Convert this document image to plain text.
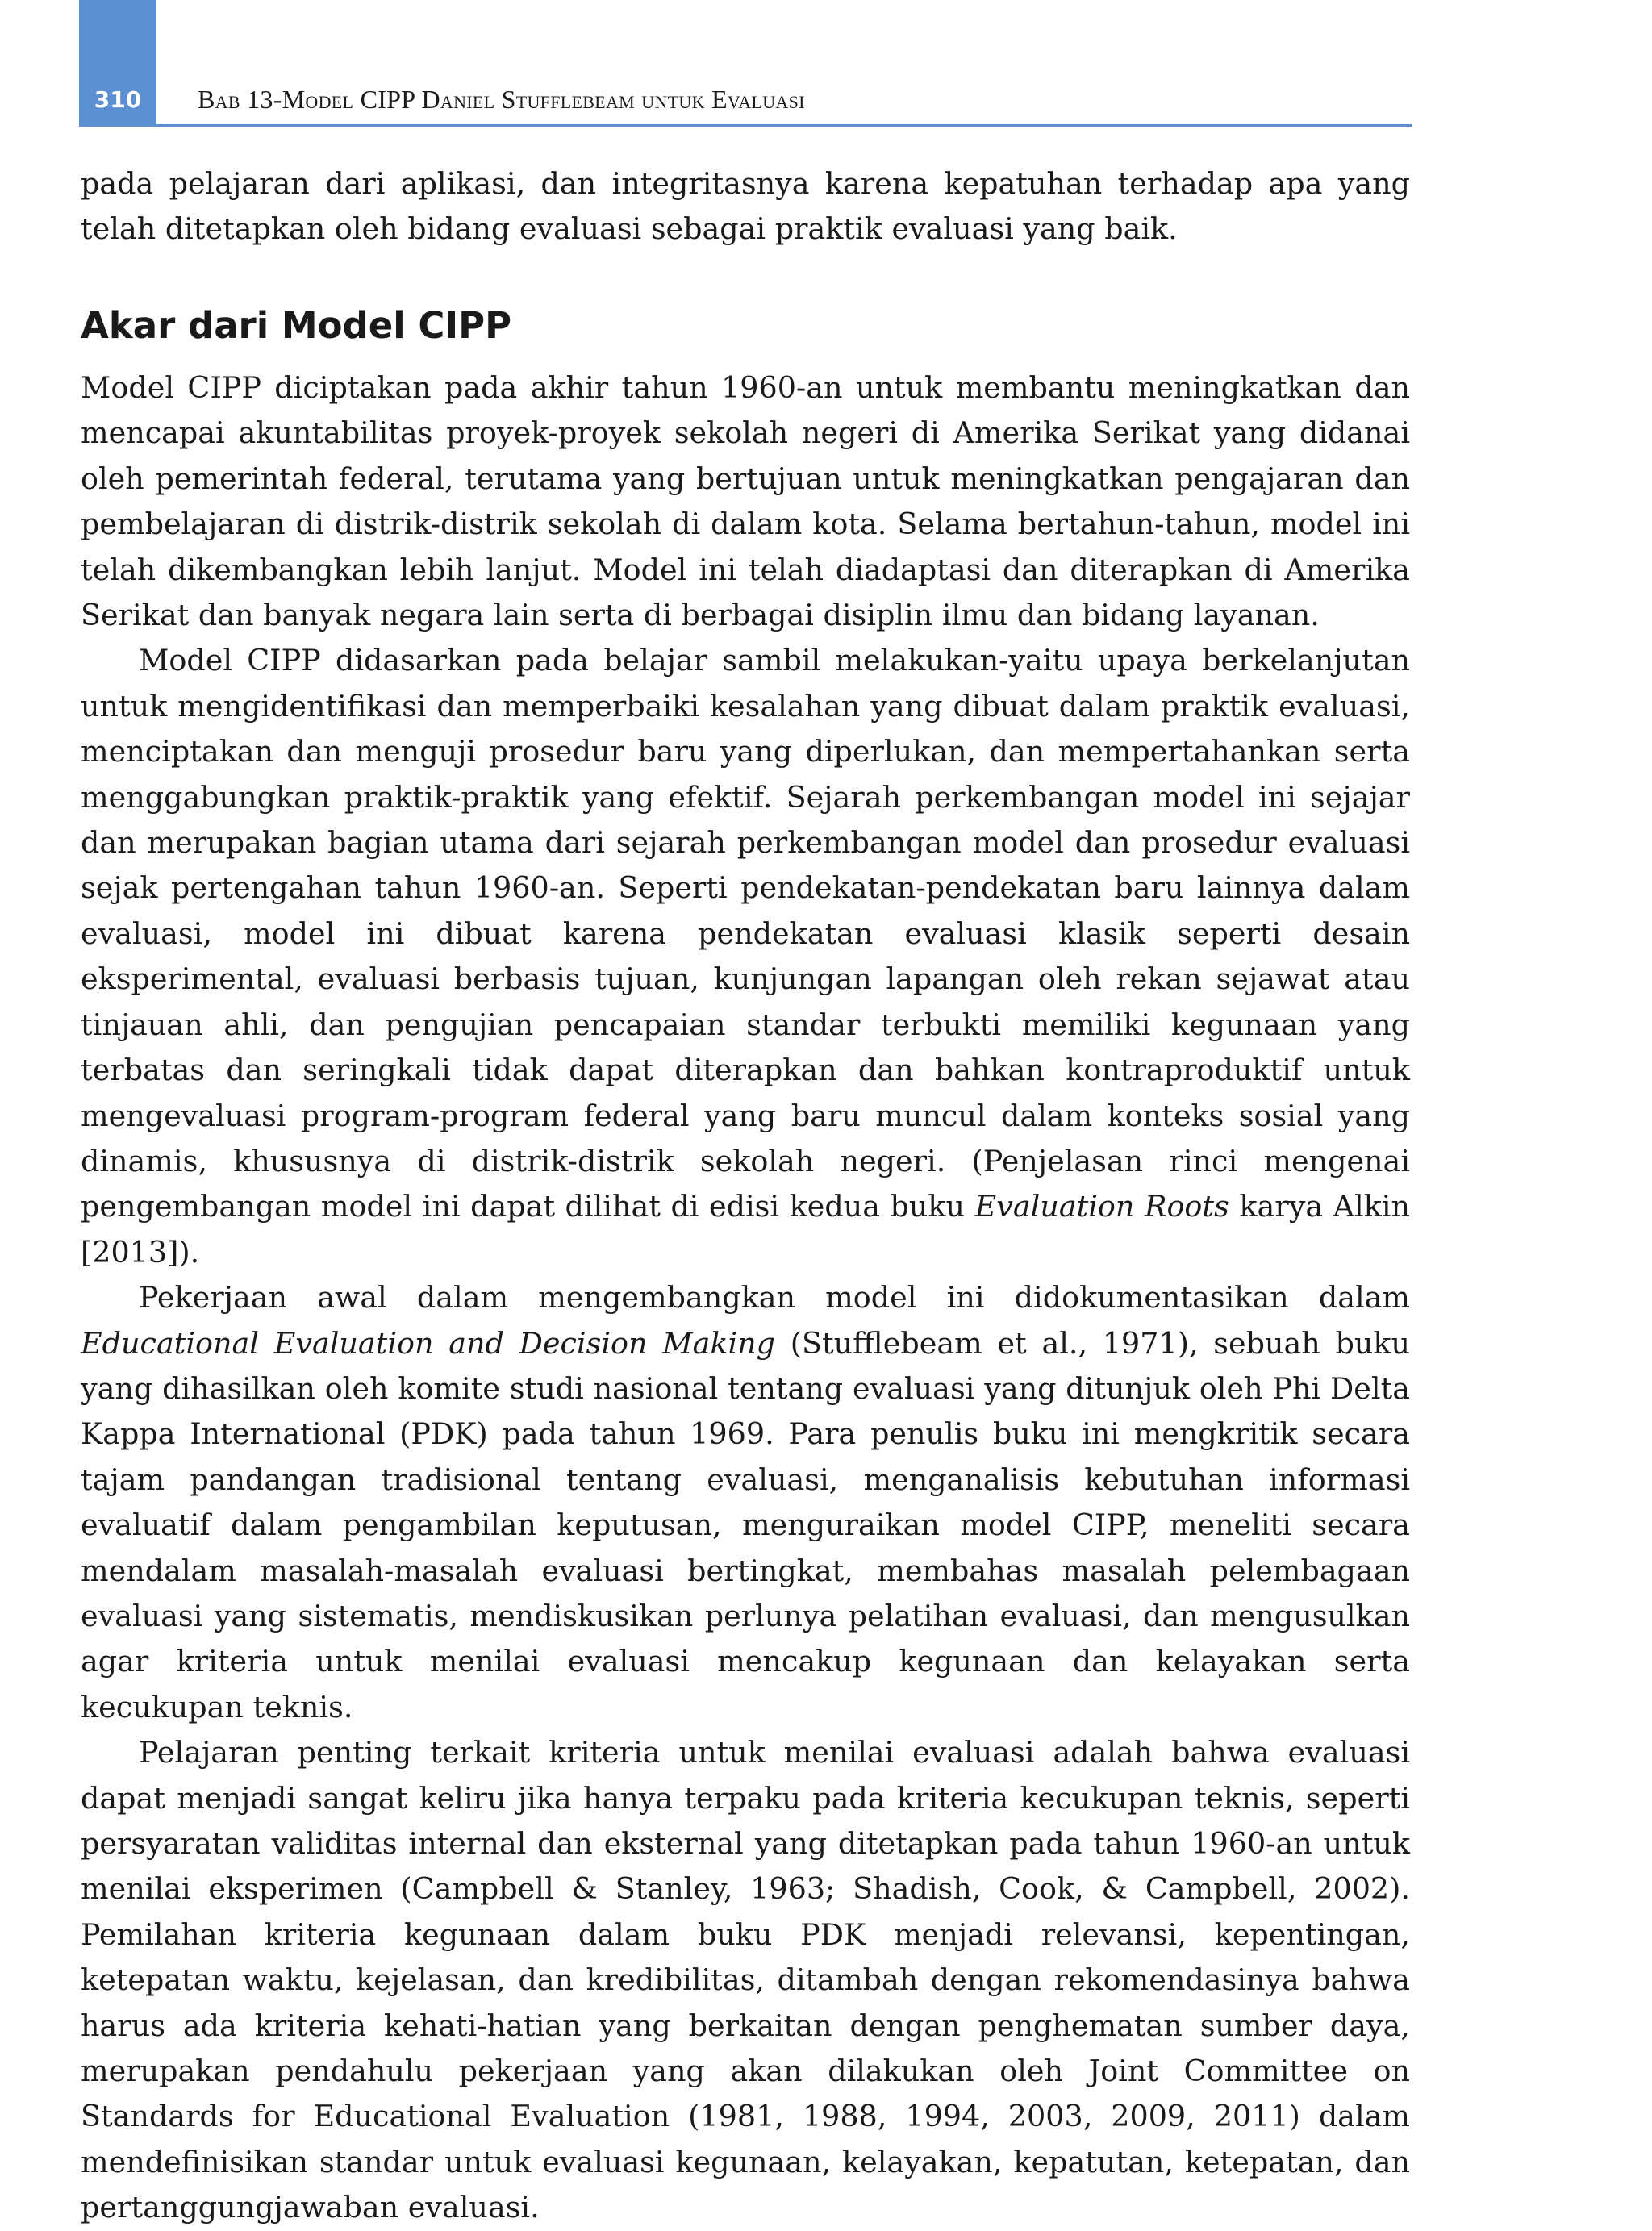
310	Bab 13-Model CIPP Daniel Stufflebeam untuk Evaluasi

pada pelajaran dari aplikasi, dan integritasnya karena kepatuhan terhadap apa yang telah ditetapkan oleh bidang evaluasi sebagai praktik evaluasi yang baik.

Akar dari Model CIPP

Model CIPP diciptakan pada akhir tahun 1960-an untuk membantu meningkatkan dan mencapai akuntabilitas proyek-proyek sekolah negeri di Amerika Serikat yang didanai oleh pemerintah federal, terutama yang bertujuan untuk meningkatkan pengajaran dan pembelajaran di distrik-distrik sekolah di dalam kota. Selama bertahun-tahun, model ini telah dikembangkan lebih lanjut. Model ini telah diadaptasi dan diterapkan di Amerika Serikat dan banyak negara lain serta di berbagai disiplin ilmu dan bidang layanan.

Model CIPP didasarkan pada belajar sambil melakukan-yaitu upaya berkelanjutan untuk mengidentifikasi dan memperbaiki kesalahan yang dibuat dalam praktik evaluasi, menciptakan dan menguji prosedur baru yang diperlukan, dan mempertahankan serta menggabungkan praktik-praktik yang efektif. Sejarah perkembangan model ini sejajar dan merupakan bagian utama dari sejarah perkembangan model dan prosedur evaluasi sejak pertengahan tahun 1960-an. Seperti pendekatan-pendekatan baru lainnya dalam evaluasi, model ini dibuat karena pendekatan evaluasi klasik seperti desain eksperimental, evaluasi berbasis tujuan, kunjungan lapangan oleh rekan sejawat atau tinjauan ahli, dan pengujian pencapaian standar terbukti memiliki kegunaan yang terbatas dan seringkali tidak dapat diterapkan dan bahkan kontraproduktif untuk mengevaluasi program-program federal yang baru muncul dalam konteks sosial yang dinamis, khususnya di distrik-distrik sekolah negeri. (Penjelasan rinci mengenai pengembangan model ini dapat dilihat di edisi kedua buku Evaluation Roots karya Alkin [2013]).

Pekerjaan awal dalam mengembangkan model ini didokumentasikan dalam Educational Evaluation and Decision Making (Stufflebeam et al., 1971), sebuah buku yang dihasilkan oleh komite studi nasional tentang evaluasi yang ditunjuk oleh Phi Delta Kappa International (PDK) pada tahun 1969. Para penulis buku ini mengkritik secara tajam pandangan tradisional tentang evaluasi, menganalisis kebutuhan informasi evaluatif dalam pengambilan keputusan, menguraikan model CIPP, meneliti secara mendalam masalah-masalah evaluasi bertingkat, membahas masalah pelembagaan evaluasi yang sistematis, mendiskusikan perlunya pelatihan evaluasi, dan mengusulkan agar kriteria untuk menilai evaluasi mencakup kegunaan dan kelayakan serta kecukupan teknis.

Pelajaran penting terkait kriteria untuk menilai evaluasi adalah bahwa evaluasi dapat menjadi sangat keliru jika hanya terpaku pada kriteria kecukupan teknis, seperti persyaratan validitas internal dan eksternal yang ditetapkan pada tahun 1960-an untuk menilai eksperimen (Campbell & Stanley, 1963; Shadish, Cook, & Campbell, 2002). Pemilahan kriteria kegunaan dalam buku PDK menjadi relevansi, kepentingan, ketepatan waktu, kejelasan, dan kredibilitas, ditambah dengan rekomendasinya bahwa harus ada kriteria kehati-hatian yang berkaitan dengan penghematan sumber daya, merupakan pendahulu pekerjaan yang akan dilakukan oleh Joint Committee on Standards for Educational Evaluation (1981, 1988, 1994, 2003, 2009, 2011) dalam mendefinisikan standar untuk evaluasi kegunaan, kelayakan, kepatutan, ketepatan, dan pertanggungjawaban evaluasi.
